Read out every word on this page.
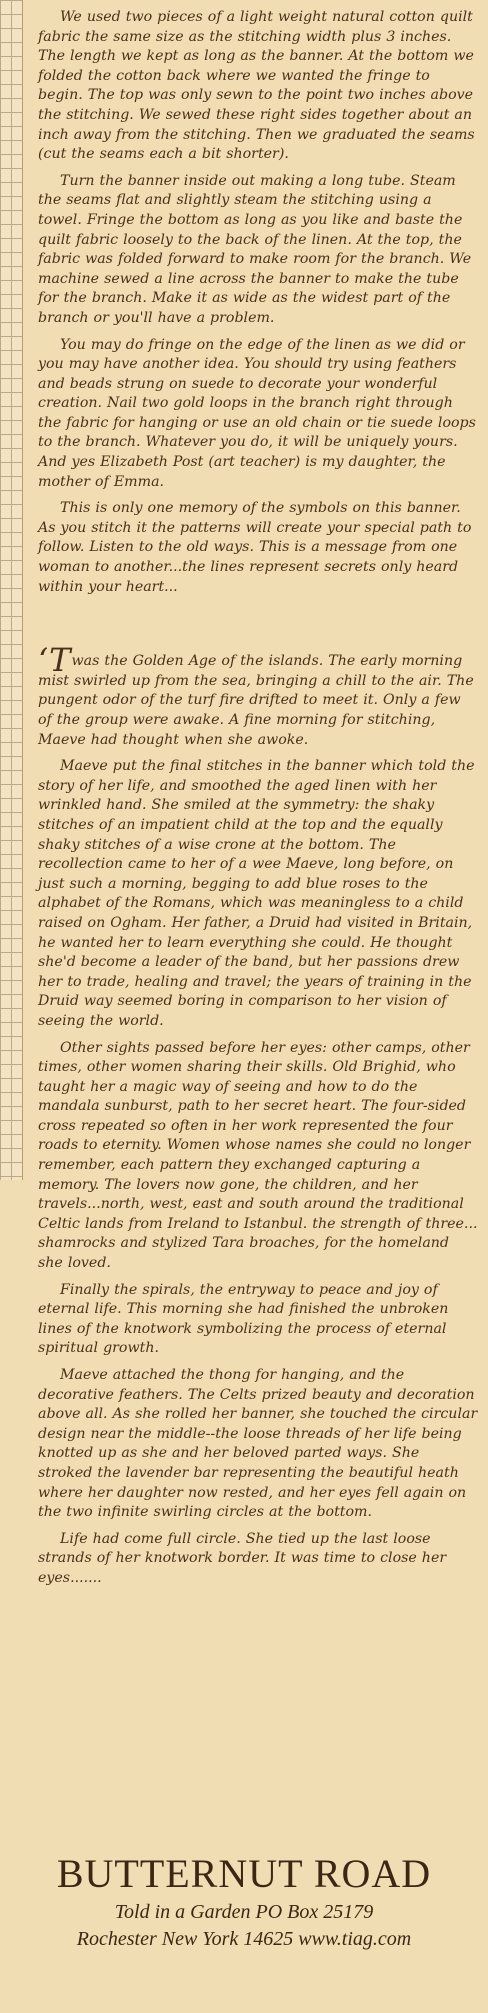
We used two pieces of a light weight natural cotton quilt fabric the same size as the stitching width plus 3 inches. The length we kept as long as the banner. At the bottom we folded the cotton back where we wanted the fringe to begin. The top was only sewn to the point two inches above the stitching. We sewed these right sides together about an inch away from the stitching. Then we graduated the seams (cut the seams each a bit shorter).

Turn the banner inside out making a long tube. Steam the seams flat and slightly steam the stitching using a towel. Fringe the bottom as long as you like and baste the quilt fabric loosely to the back of the linen. At the top, the fabric was folded forward to make room for the branch. We machine sewed a line across the banner to make the tube for the branch. Make it as wide as the widest part of the branch or you'll have a problem.

You may do fringe on the edge of the linen as we did or you may have another idea. You should try using feathers and beads strung on suede to decorate your wonderful creation. Nail two gold loops in the branch right through the fabric for hanging or use an old chain or tie suede loops to the branch. Whatever you do, it will be uniquely yours. And yes Elizabeth Post (art teacher) is my daughter, the mother of Emma.

This is only one memory of the symbols on this banner. As you stitch it the patterns will create your special path to follow. Listen to the old ways. This is a message from one woman to another...the lines represent secrets only heard within your heart...

‘Twas the Golden Age of the islands. The early morning mist swirled up from the sea, bringing a chill to the air. The pungent odor of the turf fire drifted to meet it. Only a few of the group were awake. A fine morning for stitching, Maeve had thought when she awoke.

Maeve put the final stitches in the banner which told the story of her life, and smoothed the aged linen with her wrinkled hand. She smiled at the symmetry: the shaky stitches of an impatient child at the top and the equally shaky stitches of a wise crone at the bottom. The recollection came to her of a wee Maeve, long before, on just such a morning, begging to add blue roses to the alphabet of the Romans, which was meaningless to a child raised on Ogham. Her father, a Druid had visited in Britain, he wanted her to learn everything she could. He thought she'd become a leader of the band, but her passions drew her to trade, healing and travel; the years of training in the Druid way seemed boring in comparison to her vision of seeing the world.

Other sights passed before her eyes: other camps, other times, other women sharing their skills. Old Brighid, who taught her a magic way of seeing and how to do the mandala sunburst, path to her secret heart. The four-sided cross repeated so often in her work represented the four roads to eternity. Women whose names she could no longer remember, each pattern they exchanged capturing a memory. The lovers now gone, the children, and her travels...north, west, east and south around the traditional Celtic lands from Ireland to Istanbul. the strength of three... shamrocks and stylized Tara broaches, for the homeland she loved.

Finally the spirals, the entryway to peace and joy of eternal life. This morning she had finished the unbroken lines of the knotwork symbolizing the process of eternal spiritual growth.

Maeve attached the thong for hanging, and the decorative feathers. The Celts prized beauty and decoration above all. As she rolled her banner, she touched the circular design near the middle--the loose threads of her life being knotted up as she and her beloved parted ways. She stroked the lavender bar representing the beautiful heath where her daughter now rested, and her eyes fell again on the two infinite swirling circles at the bottom.

Life had come full circle. She tied up the last loose strands of her knotwork border. It was time to close her eyes.......

BUTTERNUT ROAD
Told in a Garden PO Box 25179
Rochester New York 14625 www.tiag.com
